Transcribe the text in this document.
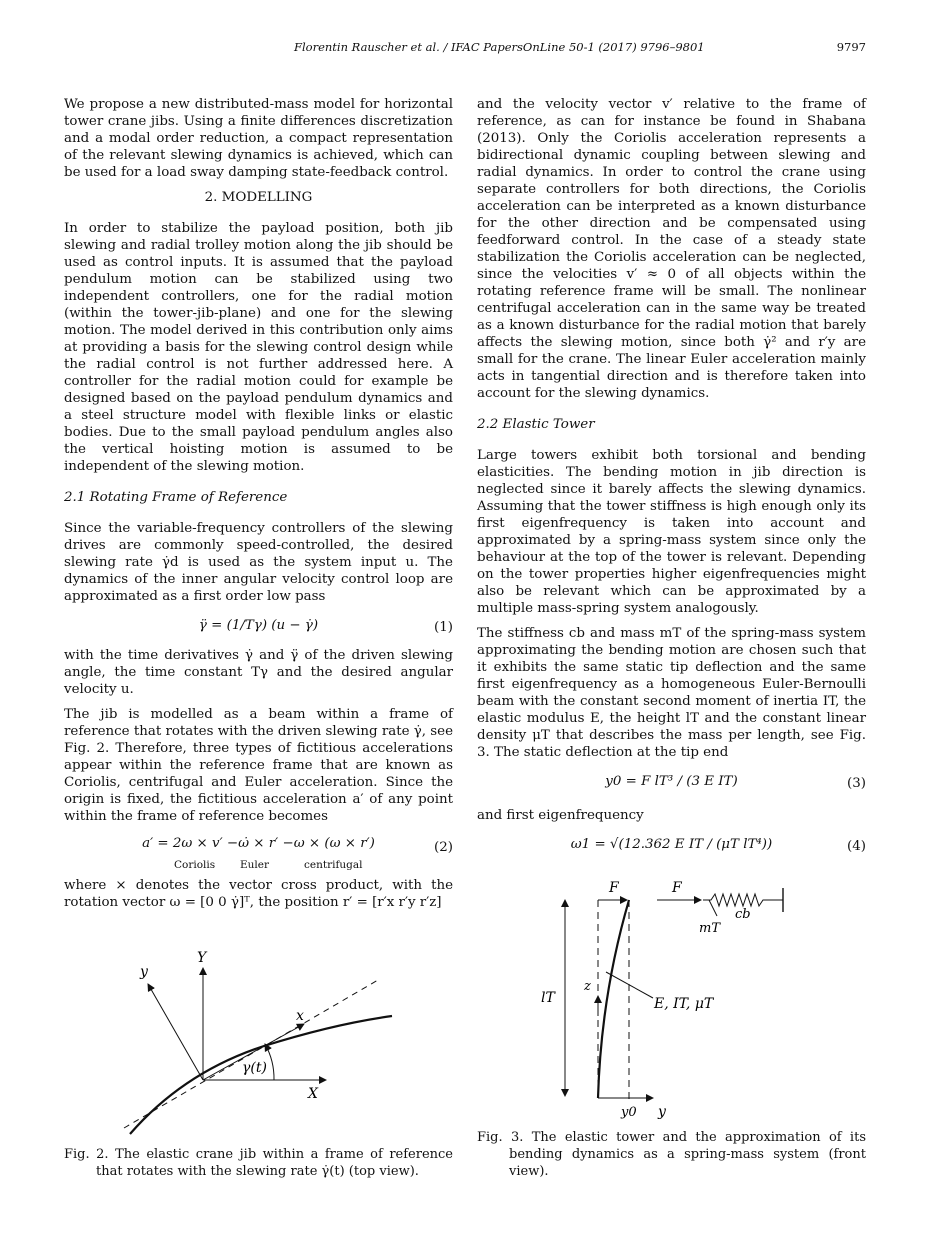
Florentin Rauscher et al. / IFAC PapersOnLine 50-1 (2017) 9796–9801	9797

We propose a new distributed-mass model for horizontal tower crane jibs. Using a finite differences discretization and a modal order reduction, a compact representation of the relevant slewing dynamics is achieved, which can be used for a load sway damping state-feedback control.

2. MODELLING

In order to stabilize the payload position, both jib slewing and radial trolley motion along the jib should be used as control inputs. It is assumed that the payload pendulum motion can be stabilized using two independent controllers, one for the radial motion (within the tower-jib-plane) and one for the slewing motion. The model derived in this contribution only aims at providing a basis for the slewing control design while the radial control is not further addressed here. A controller for the radial motion could for example be designed based on the payload pendulum dynamics and a steel structure model with flexible links or elastic bodies. Due to the small payload pendulum angles also the vertical hoisting motion is assumed to be independent of the slewing motion.

2.1 Rotating Frame of Reference

Since the variable-frequency controllers of the slewing drives are commonly speed-controlled, the desired slewing rate γ̇d is used as the system input u. The dynamics of the inner angular velocity control loop are approximated as a first order low pass

γ̈ = (1/Tγ) (u − γ̇)	(1)

with the time derivatives γ̇ and γ̈ of the driven slewing angle, the time constant Tγ and the desired angular velocity u.

The jib is modelled as a beam within a frame of reference that rotates with the driven slewing rate γ̇, see Fig. 2. Therefore, three types of fictitious accelerations appear within the reference frame that are known as Coriolis, centrifugal and Euler acceleration. Since the origin is fixed, the fictitious acceleration a′ of any point within the frame of reference becomes

a′ = 2ω × v′ −ω̇ × r′ −ω × (ω × r′)	(2)
Coriolis Euler	centrifugal

where × denotes the vector cross product, with the rotation vector ω = [0 0 γ̇]ᵀ, the position r′ = [r′x r′y r′z]

y
Y
x
X
γ(t)
Fig. 2. The elastic crane jib within a frame of reference that rotates with the slewing rate γ̇(t) (top view).

and the velocity vector v′ relative to the frame of reference, as can for instance be found in Shabana (2013). Only the Coriolis acceleration represents a bidirectional dynamic coupling between slewing and radial dynamics. In order to control the crane using separate controllers for both directions, the Coriolis acceleration can be interpreted as a known disturbance for the other direction and be compensated using feedforward control. In the case of a steady state stabilization the Coriolis acceleration can be neglected, since the velocities v′ ≈ 0 of all objects within the rotating reference frame will be small. The nonlinear centrifugal acceleration can in the same way be treated as a known disturbance for the radial motion that barely affects the slewing motion, since both γ̇² and r′y are small for the crane. The linear Euler acceleration mainly acts in tangential direction and is therefore taken into account for the slewing dynamics.

2.2 Elastic Tower

Large towers exhibit both torsional and bending elasticities. The bending motion in jib direction is neglected since it barely affects the slewing dynamics. Assuming that the tower stiffness is high enough only its first eigenfrequency is taken into account and approximated by a spring-mass system since only the behaviour at the top of the tower is relevant. Depending on the tower properties higher eigenfrequencies might also be relevant which can be approximated by a multiple mass-spring system analogously.

The stiffness cb and mass mT of the spring-mass system approximating the bending motion are chosen such that it exhibits the same static tip deflection and the same first eigenfrequency as a homogeneous Euler-Bernoulli beam with the constant second moment of inertia IT, the elastic modulus E, the height lT and the constant linear density μT that describes the mass per length, see Fig. 3. The static deflection at the tip end

y0 = F lT³ / (3 E IT)	(3)

and first eigenfrequency

ω1 = √(12.362 E IT / (μT lT⁴))	(4)
F	F
cb
mT
lT
z
E, IT, μT
y0 y
Fig. 3. The elastic tower and the approximation of its bending dynamics as a spring-mass system (front view).
